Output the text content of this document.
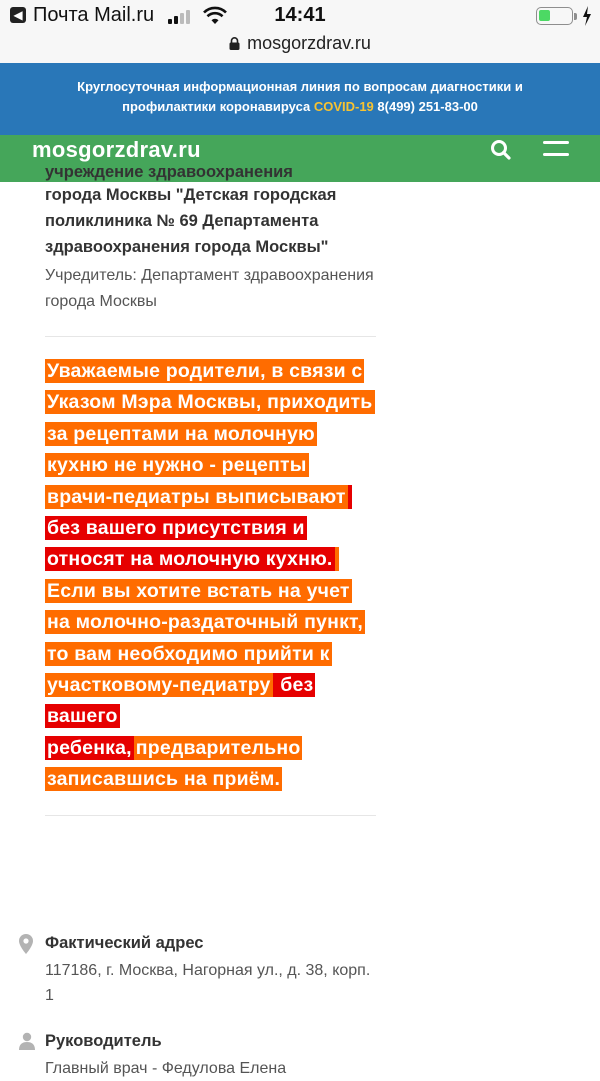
◀ Почта Mail.ru	14:41
mosgorzdrav.ru
Круглосуточная информационная линия по вопросам диагностики и профилактики коронавируса COVID-19 8(499) 251-83-00
mosgorzdrav.ru
учреждение здравоохранения
города Москвы "Детская городская поликлиника № 69 Департамента здравоохранения города Москвы"
Учредитель: Департамент здравоохранения города Москвы
Уважаемые родители, в связи с Указом Мэра Москвы, приходить за рецептами на молочную кухню не нужно - рецепты врачи-педиатры выписывают без вашего присутствия и относят на молочную кухню. Если вы хотите встать на учет на молочно-раздаточный пункт, то вам необходимо прийти к участковому-педиатру без вашего ребенка, предварительно записавшись на приём.
Фактический адрес
117186, г. Москва, Нагорная ул., д. 38, корп. 1
Руководитель
Главный врач - Федулова Елена
